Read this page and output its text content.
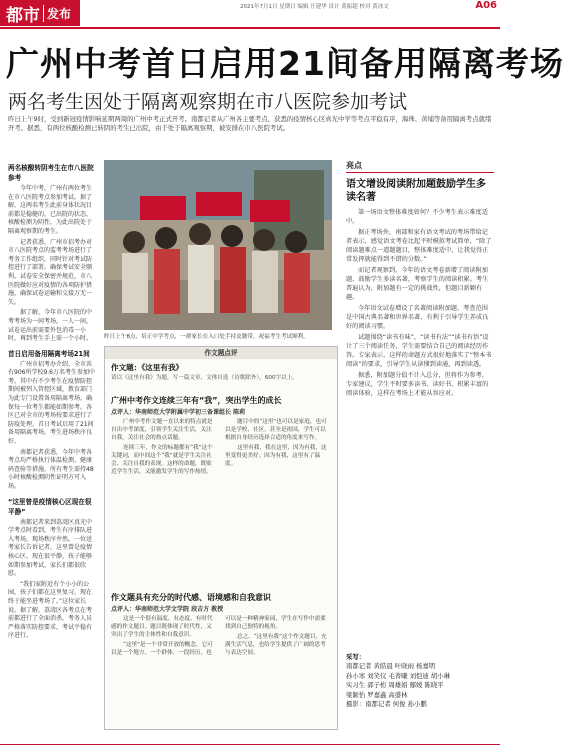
都市 发布	2021年7月1日 星期日 编辑 汪建华 设计 黄振超 校对 黄冰文	A06
广州中考首日启用21间备用隔离考场
两名考生因处于隔离观察期在市八医院参加考试
昨日上午9时，受到新冠疫情影响延期两周的广州中考正式开考。南都记者从广州各主要考点，获悉的疫情核心区真光中学等考点平稳有序，海珠、黄埔等备用隔离考点就绪开考。据悉，有两位核酸检测已转阴的考生已出院，由于处于隔离观察期，被安排在市八医院考试。
两名核酸转阴考生在市八医院参考

今年中考，广州有两位考生在市八医院考点参加考试。据了解，这两名考生此前身体状况目前都是稳健的，已出院的状态，核酸检测为阴性，为此出院处于隔离观察期的考生。

记者获悉，广州市招考办对市八医院考点的监考考场进行了考务工作组织，同时针对考试防控进行了部署。确保考试安全顺利，试卷安全保密并规范，市八医院做好应对疫情的各项防护措施，确保试卷运输和交接万无一失。

据了解，今年市八医院的中考考场为一间考场，一人一间，试卷运出前需要外包消毒一小时，再到考生手上需一个小时。

首日启用备用隔离考场21间

广州市招考办介绍，全市共有906所学校9.6万名考生参加中考。其中有不少考生在疫情防控期间被列入管控区域，教育部门为此专门设置备用隔离考场，确保每一位考生都能如期参考。各区已对全市的考场按要求进行了防疫处理，首日考试启用了21间备用隔离考场，考生进场秩序良好。

南都记者获悉，今年中考各考点均严格执行体温检测、健康码查验等措施，所有考生需持48小时核酸检测阴性证明方可入场。

“这里曾是疫情核心区现在很平静”

南都记者来到荔湾区真光中学考点时看到，考生有序排队进入考场，现场秩序井然。一位送考家长告诉记者，这里曾是疫情核心区，现在很平静，孩子能够如期参加考试，家长们都很欣慰。

“我们家附近有个小小的公园，孩子们都在这里复习，现在终于能坐进考场了。”这位家长说。据了解，荔湾区各考点在考前都进行了全面消杀，考务人员严格落实防控要求，考试平稳有序进行。

昨日上午8点，培正中学考点，一群家长在入口处手持皮腰带，祝福考生考试顺利。
作文题点评
作文题：《这里有我》
请以《这里有我》为题，写一篇文章，文体自选（诗歌除外），600字以上。
广州中考作文连续三年有“我”，突出学生的成长
点评人：华南师范大学附属中学初三备课组长 陈莉

广州中考作文题一直以来的特点就是自出中考深度，引领学生关注生活，关注自我，关注社会的热点话题。

连续三年，作文的标题都有“我”这个关键词，而中间这个“我”就是学生关注社会、关注自我的表现。这样的命题，既贴近学生生活，又能激发学生的写作热情。

题目中的“这里”也可以是家庭，也可以是学校、社区，甚至是祖国，学生可以根据自身经历选择合适的角度来写作。

这里有我，我在这里，因为有我，这里变得更美好；因为有我，这里有了温度。

作文题具有充分的时代感、语境感和自我意识
点评人：华南师范大学文学院 段吉方 教授

这是一个很有温度、有态度、有时代感的作文题目。题目既体现了时代性，又突出了学生的主体性和自我意识。

“这里”是一个非常开放的概念，它可以是一个地方、一个群体、一段经历，也可以是一种精神家园，学生在写作中需要找到自己独特的视角。

总之，“这里有我”这个作文题目，充满生活气息，也给学生提供了广阔的思考与表达空间。

亮点
语文增设阅读附加题鼓励学生多读名著

第一场语文整体难度如何？不少考生表示难度适中。

据正考场外，南部和家有语文考试的考场带给记者表示，感觉语文考卷比起平时模拟考试简单，“除了阅读题难点一道题题目，整体难度适中，让我觉得正常发挥就能得到不错的分数。”

而记者观察到，今年的语文考卷新增了阅读附加题，鼓励学生多读名著，考察学生的阅读积累。考生普遍认为，附加题有一定的挑战性，但题目新颖有趣。

今年语文试卷增设了名著阅读附加题，考查范围是中国古典名著和世界名著，有利于引导学生养成良好的阅读习惯。

试题围绕“读书有味”，“读书有法”“读书有悟”设计了三个阅读任务，学生需要结合自己的阅读经历作答。专家表示，这样的命题方式很好地落实了“整本书阅读”的要求，引导学生从读懂到读通，再到读透。

据悉，附加题分值不计入总分，但将作为参考。专家建议，学生平时要多读书、读好书，积累丰富的阅读体验，这样在考场上才能从容应对。

采写：
南都记者 黄皓晨 叶晓雨 杨嘉明
孙小寒 刘笑仪 毛菁曦 刘恺迪 胡小琳
实习生 郭子桁 周雄娟 鄢媛 陈晓平
梁颖怡 罗嘉鑫 高盛林
摄影：南都记者 何俊 孙小鹏
